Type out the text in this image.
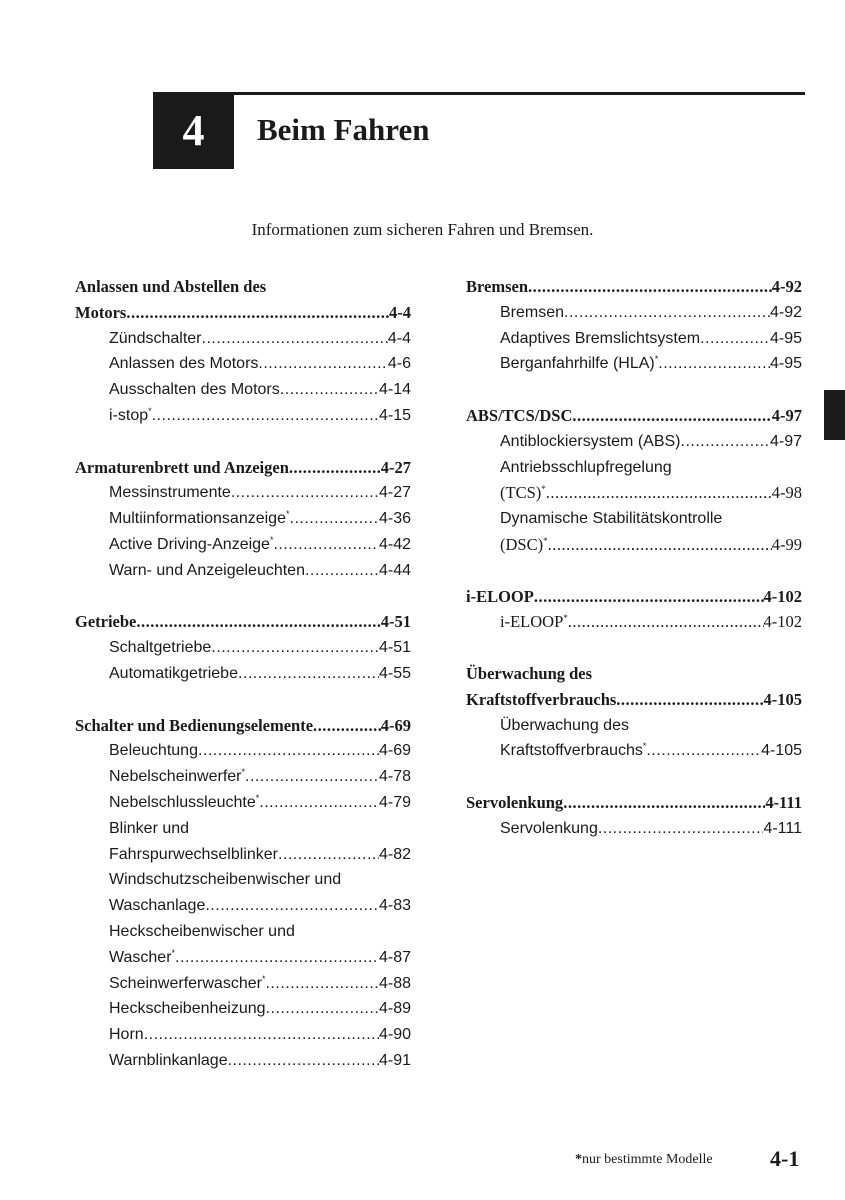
4 Beim Fahren
Informationen zum sicheren Fahren und Bremsen.
Anlassen und Abstellen des
Motors .....	4-4
Zündschalter .....	4-4
Anlassen des Motors .....	4-6
Ausschalten des Motors .....	4-14
i-stop* .....	4-15
Armaturenbrett und Anzeigen .....	4-27
Messinstrumente .....	4-27
Multiinformationsanzeige* .....	4-36
Active Driving-Anzeige* .....	4-42
Warn- und Anzeigeleuchten .....	4-44
Getriebe .....	4-51
Schaltgetriebe .....	4-51
Automatikgetriebe .....	4-55
Schalter und Bedienungselemente .....	4-69
Beleuchtung .....	4-69
Nebelscheinwerfer* .....	4-78
Nebelschlussleuchte* .....	4-79
Blinker und
Fahrspurwechselblinker .....	4-82
Windschutzscheibenwischer und
Waschanlage .....	4-83
Heckscheibenwischer und
Wascher* .....	4-87
Scheinwerferwascher* .....	4-88
Heckscheibenheizung .....	4-89
Horn .....	4-90
Warnblinkanlage .....	4-91
Bremsen .....	4-92
Bremsen .....	4-92
Adaptives Bremslichtsystem .....	4-95
Berganfahrhilfe (HLA)* .....	4-95
ABS/TCS/DSC .....	4-97
Antiblockiersystem (ABS) .....	4-97
Antriebsschlupfregelung
(TCS)* .....	4-98
Dynamische Stabilitätskontrolle
(DSC)* .....	4-99
i-ELOOP .....	4-102
i-ELOOP* .....	4-102
Überwachung des
Kraftstoffverbrauchs .....	4-105
Überwachung des
Kraftstoffverbrauchs* .....	4-105
Servolenkung .....	4-111
Servolenkung .....	4-111
*nur bestimmte Modelle	4-1
